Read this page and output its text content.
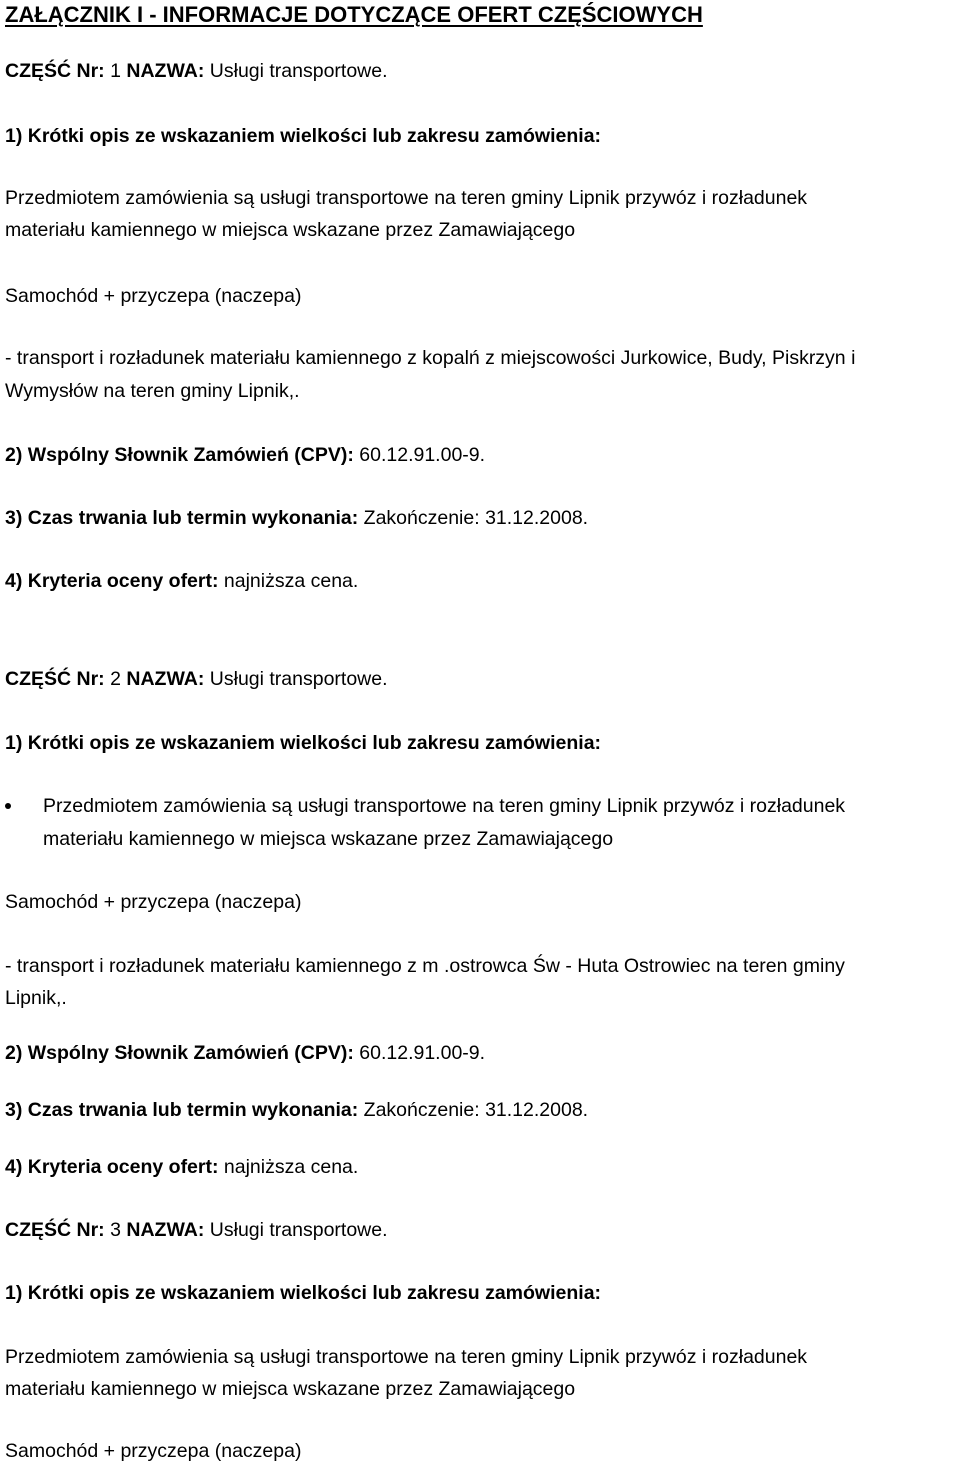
ZAŁĄCZNIK I - INFORMACJE DOTYCZĄCE OFERT CZĘŚCIOWYCH
CZĘŚĆ Nr: 1 NAZWA: Usługi transportowe.
1) Krótki opis ze wskazaniem wielkości lub zakresu zamówienia:
Przedmiotem zamówienia są usługi transportowe na teren gminy Lipnik przywóz i rozładunek
materiału kamiennego w miejsca wskazane przez Zamawiającego
Samochód + przyczepa (naczepa)
- transport i rozładunek materiału kamiennego z kopalń z miejscowości Jurkowice, Budy, Piskrzyn i
Wymysłów na teren gminy Lipnik,.
2) Wspólny Słownik Zamówień (CPV): 60.12.91.00-9.
3) Czas trwania lub termin wykonania: Zakończenie: 31.12.2008.
4) Kryteria oceny ofert: najniższa cena.
CZĘŚĆ Nr: 2 NAZWA: Usługi transportowe.
1) Krótki opis ze wskazaniem wielkości lub zakresu zamówienia:
Przedmiotem zamówienia są usługi transportowe na teren gminy Lipnik przywóz i rozładunek
materiału kamiennego w miejsca wskazane przez Zamawiającego
Samochód + przyczepa (naczepa)
- transport i rozładunek materiału kamiennego z m .ostrowca Św - Huta Ostrowiec na teren gminy
Lipnik,.
2) Wspólny Słownik Zamówień (CPV): 60.12.91.00-9.
3) Czas trwania lub termin wykonania: Zakończenie: 31.12.2008.
4) Kryteria oceny ofert: najniższa cena.
CZĘŚĆ Nr: 3 NAZWA: Usługi transportowe.
1) Krótki opis ze wskazaniem wielkości lub zakresu zamówienia:
Przedmiotem zamówienia są usługi transportowe na teren gminy Lipnik przywóz i rozładunek
materiału kamiennego w miejsca wskazane przez Zamawiającego
Samochód + przyczepa (naczepa)
